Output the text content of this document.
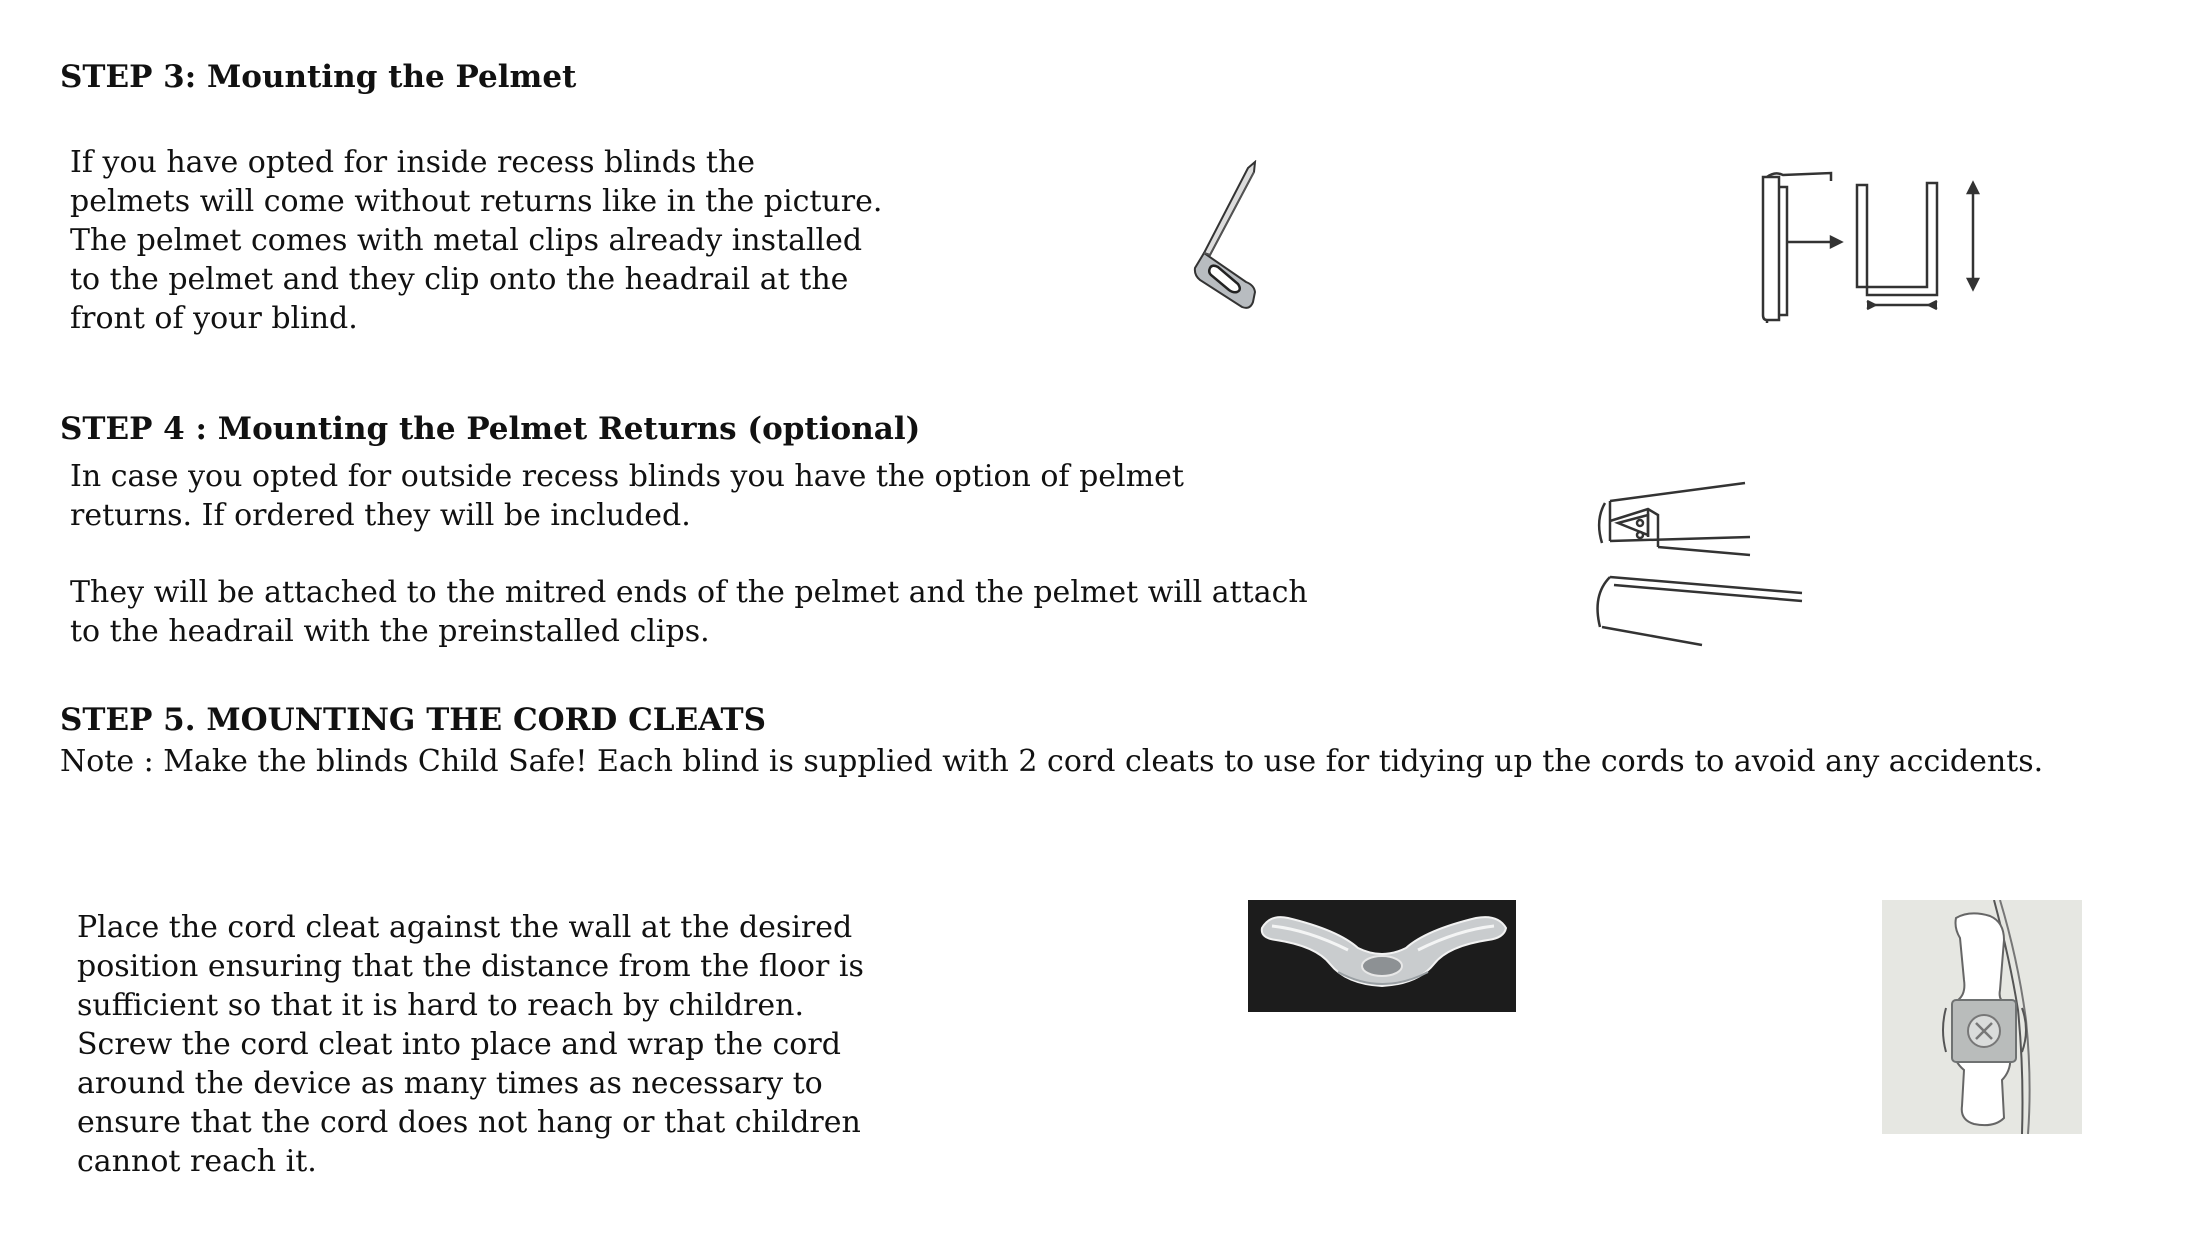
STEP 3: Mounting the Pelmet

If you have opted for inside recess blinds the
pelmets will come without returns like in the picture.
The pelmet comes with metal clips already installed
to the pelmet and they clip onto the headrail at the
front of your blind.

STEP 4 : Mounting the Pelmet Returns (optional)

In case you opted for outside recess blinds you have the option of pelmet
returns. If ordered they will be included.

They will be attached to the mitred ends of the pelmet and the pelmet will attach
to the headrail with the preinstalled clips.

STEP 5. MOUNTING THE CORD CLEATS

Note : Make the blinds Child Safe! Each blind is supplied with 2 cord cleats to use for tidying up the cords to avoid any accidents.

Place the cord cleat against the wall at the desired
position ensuring that the distance from the floor is
sufficient so that it is hard to reach by children.
Screw the cord cleat into place and wrap the cord
around the device as many times as necessary to
ensure that the cord does not hang or that children
cannot reach it.
